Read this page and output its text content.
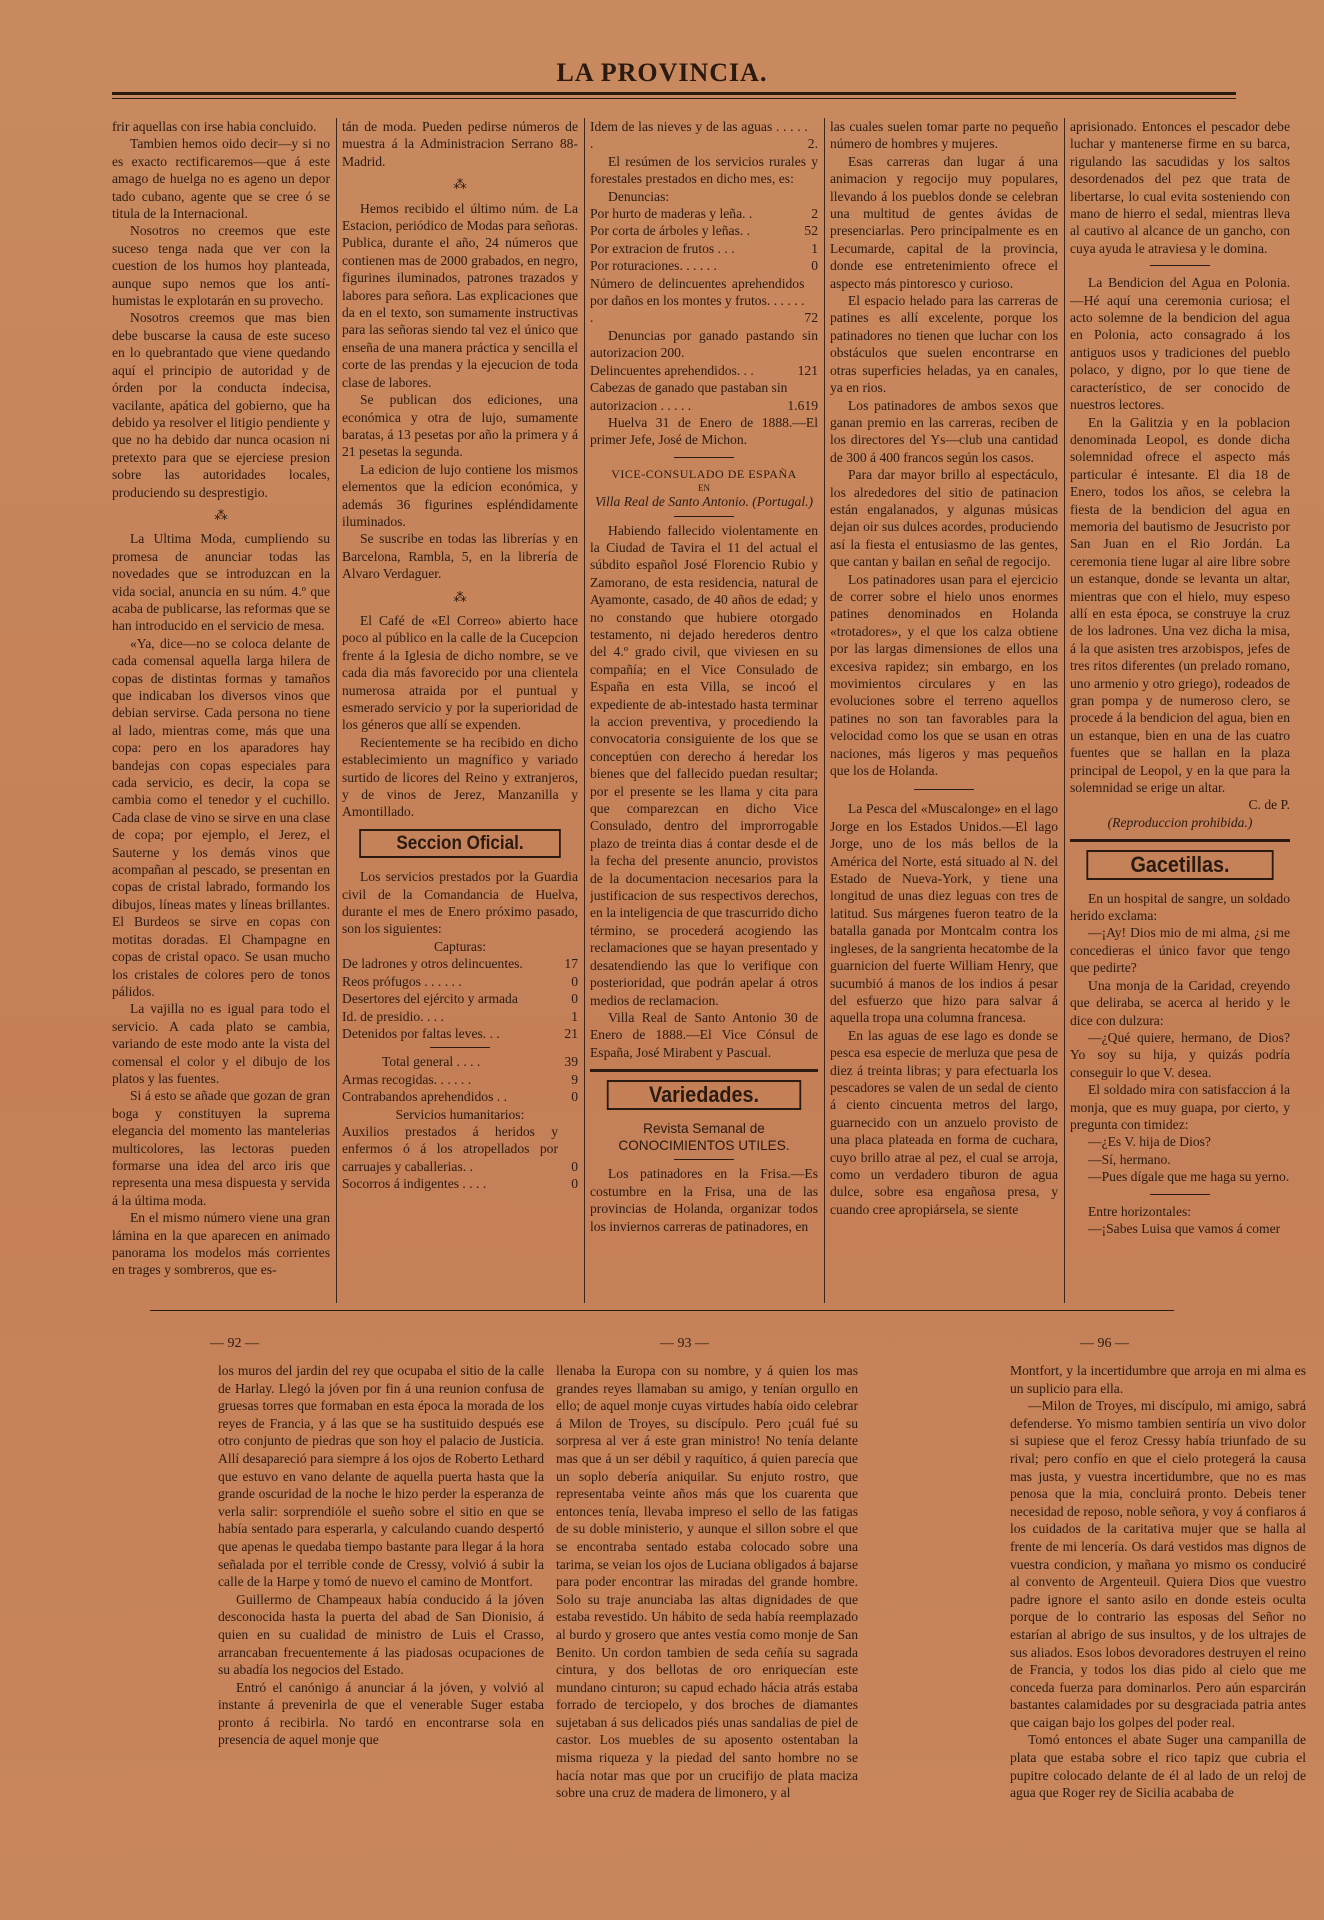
LA PROVINCIA.

frir aquellas con irse habia concluido.

Tambien hemos oido decir—y si no es exacto rectificaremos—que á este amago de huelga no es ageno un depor tado cubano, agente que se cree ó se titula de la Internacional.

Nosotros no creemos que este suceso tenga nada que ver con la cuestion de los humos hoy planteada, aunque supo nemos que los antí-humistas le explotarán en su provecho.

Nosotros creemos que mas bien debe buscarse la causa de este suceso en lo quebrantado que viene quedando aquí el principio de autoridad y de órden por la conducta indecisa, vacilante, apática del gobierno, que ha debido ya resolver el litigio pendiente y que no ha debido dar nunca ocasion ni pretexto para que se ejerciese presion sobre las autoridades locales, produciendo su desprestigio.

⁂

La Ultima Moda, cumpliendo su promesa de anunciar todas las novedades que se introduzcan en la vida social, anuncia en su núm. 4.º que acaba de publicarse, las reformas que se han introducido en el servicio de mesa.

«Ya, dice—no se coloca delante de cada comensal aquella larga hilera de copas de distintas formas y tamaños que indicaban los diversos vinos que debian servirse. Cada persona no tiene al lado, mientras come, más que una copa: pero en los aparadores hay bandejas con copas especiales para cada servicio, es decir, la copa se cambia como el tenedor y el cuchillo. Cada clase de vino se sirve en una clase de copa; por ejemplo, el Jerez, el Sauterne y los demás vinos que acompañan al pescado, se presentan en copas de cristal labrado, formando los dibujos, líneas mates y líneas brillantes. El Burdeos se sirve en copas con motitas doradas. El Champagne en copas de cristal opaco. Se usan mucho los cristales de colores pero de tonos pálidos.

La vajilla no es igual para todo el servicio. A cada plato se cambia, variando de este modo ante la vista del comensal el color y el dibujo de los platos y las fuentes.

Si á esto se añade que gozan de gran boga y constituyen la suprema elegancia del momento las mantelerias multicolores, las lectoras pueden formarse una idea del arco iris que representa una mesa dispuesta y servida á la última moda.

En el mismo número viene una gran lámina en la que aparecen en animado panorama los modelos más corrientes en trages y sombreros, que es-

tán de moda. Pueden pedirse números de muestra á la Administracion Serrano 88-Madrid.

⁂

Hemos recibido el último núm. de La Estacion, periódico de Modas para señoras. Publica, durante el año, 24 números que contienen mas de 2000 grabados, en negro, figurines iluminados, patrones trazados y labores para señora. Las explicaciones que da en el texto, son sumamente instructivas para las señoras siendo tal vez el único que enseña de una manera práctica y sencilla el corte de las prendas y la ejecucion de toda clase de labores.

Se publican dos ediciones, una económica y otra de lujo, sumamente baratas, á 13 pesetas por año la primera y á 21 pesetas la segunda.

La edicion de lujo contiene los mismos elementos que la edicion económica, y además 36 figurines espléndidamente iluminados.

Se suscribe en todas las librerías y en Barcelona, Rambla, 5, en la librería de Alvaro Verdaguer.

⁂

El Café de «El Correo» abierto hace poco al público en la calle de la Cucepcion frente á la Iglesia de dicho nombre, se ve cada dia más favorecido por una clientela numerosa atraida por el puntual y esmerado servicio y por la superioridad de los géneros que allí se expenden.

Recientemente se ha recibido en dicho establecimiento un magnífico y variado surtido de licores del Reino y extranjeros, y de vinos de Jerez, Manzanilla y Amontillado.

Seccion Oficial.

Los servicios prestados por la Guardia civil de la Comandancia de Huelva, durante el mes de Enero próximo pasado, son los siguientes:

Capturas:

De ladrones y otros delincuentes.	17
Reos prófugos . . . . . .	0
Desertores del ejército y armada	0
Id. de presidio. . . .	1
Detenidos por faltas leves. . .	21
Total general . . . .	39
Armas recogidas. . . . . .	9
Contrabandos aprehendidos . .	0

Servicios humanitarios:

Auxilios prestados á heridos y enfermos ó á los atropellados por carruajes y caballerias. .	0
Socorros á indigentes . . . .	0
Idem de las nieves y de las aguas . . . . . .	2.

El resúmen de los servicios rurales y forestales prestados en dicho mes, es:

Denuncias:

Por hurto de maderas y leña. .	2
Por corta de árboles y leñas. .	52
Por extracion de frutos . . .	1
Por roturaciones. . . . . .	0
Número de delincuentes aprehendidos por daños en los montes y frutos. . . . . . .	72

Denuncias por ganado pastando sin autorizacion 200.

Delincuentes aprehendidos. . .	121
Cabezas de ganado que pastaban sin autorizacion . . . . .	1.619

Huelva 31 de Enero de 1888.—El primer Jefe, José de Michon.

VICE-CONSULADO DE ESPAÑA

EN

Villa Real de Santo Antonio. (Portugal.)

Habiendo fallecido violentamente en la Ciudad de Tavira el 11 del actual el súbdito español José Florencio Rubio y Zamorano, de esta residencia, natural de Ayamonte, casado, de 40 años de edad; y no constando que hubiere otorgado testamento, ni dejado herederos dentro del 4.º grado civil, que viviesen en su compañía; en el Vice Consulado de España en esta Villa, se incoó el expediente de ab-intestado hasta terminar la accion preventiva, y procediendo la convocatoria consiguiente de los que se conceptúen con derecho á heredar los bienes que del fallecido puedan resultar; por el presente se les llama y cita para que comparezcan en dicho Vice Consulado, dentro del improrrogable plazo de treinta dias á contar desde el de la fecha del presente anuncio, provistos de la documentacion necesarios para la justificacion de sus respectivos derechos, en la inteligencia de que trascurrido dicho término, se procederá acogiendo las reclamaciones que se hayan presentado y desatendiendo las que lo verifique con posterioridad, que podrán apelar á otros medios de reclamacion.

Villa Real de Santo Antonio 30 de Enero de 1888.—El Vice Cónsul de España, José Mirabent y Pascual.

Variedades.

Revista Semanal de

CONOCIMIENTOS UTILES.

Los patinadores en la Frisa.—Es costumbre en la Frisa, una de las provincias de Holanda, organizar todos los inviernos carreras de patinadores, en

las cuales suelen tomar parte no pequeño número de hombres y mujeres.

Esas carreras dan lugar á una animacion y regocijo muy populares, llevando á los pueblos donde se celebran una multitud de gentes ávidas de presenciarlas. Pero principalmente es en Lecumarde, capital de la provincia, donde ese entretenimiento ofrece el aspecto más pintoresco y curioso.

El espacio helado para las carreras de patines es allí excelente, porque los patinadores no tienen que luchar con los obstáculos que suelen encontrarse en otras superficies heladas, ya en canales, ya en rios.

Los patinadores de ambos sexos que ganan premio en las carreras, reciben de los directores del Ys—club una cantidad de 300 á 400 francos según los casos.

Para dar mayor brillo al espectáculo, los alrededores del sitio de patinacion están engalanados, y algunas músicas dejan oir sus dulces acordes, produciendo así la fiesta el entusiasmo de las gentes, que cantan y bailan en señal de regocijo.

Los patinadores usan para el ejercicio de correr sobre el hielo unos enormes patines denominados en Holanda «trotadores», y el que los calza obtiene por las largas dimensiones de ellos una excesiva rapidez; sin embargo, en los movimientos circulares y en las evoluciones sobre el terreno aquellos patines no son tan favorables para la velocidad como los que se usan en otras naciones, más ligeros y mas pequeños que los de Holanda.

La Pesca del «Muscalonge» en el lago Jorge en los Estados Unidos.—El lago Jorge, uno de los más bellos de la América del Norte, está situado al N. del Estado de Nueva-York, y tiene una longitud de unas diez leguas con tres de latitud. Sus márgenes fueron teatro de la batalla ganada por Montcalm contra los ingleses, de la sangrienta hecatombe de la guarnicion del fuerte William Henry, que sucumbió á manos de los indios á pesar del esfuerzo que hizo para salvar á aquella tropa una columna francesa.

En las aguas de ese lago es donde se pesca esa especie de merluza que pesa de diez á treinta libras; y para efectuarla los pescadores se valen de un sedal de ciento á ciento cincuenta metros del largo, guarnecido con un anzuelo provisto de una placa plateada en forma de cuchara, cuyo brillo atrae al pez, el cual se arroja, como un verdadero tiburon de agua dulce, sobre esa engañosa presa, y cuando cree apropiársela, se siente

aprisionado. Entonces el pescador debe luchar y mantenerse firme en su barca, rigulando las sacudidas y los saltos desordenados del pez que trata de libertarse, lo cual evita sosteniendo con mano de hierro el sedal, mientras lleva al cautivo al alcance de un gancho, con cuya ayuda le atraviesa y le domina.

La Bendicion del Agua en Polonia.—Hé aquí una ceremonia curiosa; el acto solemne de la bendicion del agua en Polonia, acto consagrado á los antiguos usos y tradiciones del pueblo polaco, y digno, por lo que tiene de característico, de ser conocido de nuestros lectores.

En la Galitzia y en la poblacion denominada Leopol, es donde dicha solemnidad ofrece el aspecto más particular é intesante. El dia 18 de Enero, todos los años, se celebra la fiesta de la bendicion del agua en memoria del bautismo de Jesucristo por San Juan en el Rio Jordán. La ceremonia tiene lugar al aire libre sobre un estanque, donde se levanta un altar, mientras que con el hielo, muy espeso allí en esta época, se construye la cruz de los ladrones. Una vez dicha la misa, á la que asisten tres arzobispos, jefes de tres ritos diferentes (un prelado romano, uno armenio y otro griego), rodeados de gran pompa y de numeroso clero, se procede á la bendicion del agua, bien en un estanque, bien en una de las cuatro fuentes que se hallan en la plaza principal de Leopol, y en la que para la solemnidad se erige un altar.

C. de P.

(Reproduccion prohibida.)

Gacetillas.

En un hospital de sangre, un soldado herido exclama:

—¡Ay! Dios mio de mi alma, ¿si me concedieras el único favor que tengo que pedirte?

Una monja de la Caridad, creyendo que deliraba, se acerca al herido y le dice con dulzura:

—¿Qué quiere, hermano, de Dios? Yo soy su hija, y quizás podría conseguir lo que V. desea.

El soldado mira con satisfaccion á la monja, que es muy guapa, por cierto, y pregunta con timidez:

—¿Es V. hija de Dios?

—Sí, hermano.

—Pues dígale que me haga su yerno.

Entre horizontales:

—¡Sabes Luisa que vamos á comer

— 92 —	— 93 —	— 96 —

los muros del jardin del rey que ocupaba el sitio de la calle de Harlay. Llegó la jóven por fin á una reunion confusa de gruesas torres que formaban en esta época la morada de los reyes de Francia, y á las que se ha sustituido después ese otro conjunto de piedras que son hoy el palacio de Justicia. Allí desapareció para siempre á los ojos de Roberto Lethard que estuvo en vano delante de aquella puerta hasta que la grande oscuridad de la noche le hizo perder la esperanza de verla salir: sorprendióle el sueño sobre el sitio en que se había sentado para esperarla, y calculando cuando despertó que apenas le quedaba tiempo bastante para llegar á la hora señalada por el terrible conde de Cressy, volvió á subir la calle de la Harpe y tomó de nuevo el camino de Montfort.

Guillermo de Champeaux había conducido á la jóven desconocida hasta la puerta del abad de San Dionisio, á quien en su cualidad de ministro de Luis el Crasso, arrancaban frecuentemente á las piadosas ocupaciones de su abadía los negocios del Estado.

Entró el canónigo á anunciar á la jóven, y volvió al instante á prevenirla de que el venerable Suger estaba pronto á recibirla. No tardó en encontrarse sola en presencia de aquel monje que

llenaba la Europa con su nombre, y á quien los mas grandes reyes llamaban su amigo, y tenían orgullo en ello; de aquel monje cuyas virtudes había oido celebrar á Milon de Troyes, su discípulo. Pero ¡cuál fué su sorpresa al ver á este gran ministro! No tenía delante mas que á un ser débil y raquítico, á quien parecía que un soplo debería aniquilar. Su enjuto rostro, que representaba veinte años más que los cuarenta que entonces tenía, llevaba impreso el sello de las fatigas de su doble ministerio, y aunque el sillon sobre el que se encontraba sentado estaba colocado sobre una tarima, se veian los ojos de Luciana obligados á bajarse para poder encontrar las miradas del grande hombre. Solo su traje anunciaba las altas dignidades de que estaba revestido. Un hábito de seda había reemplazado al burdo y grosero que antes vestía como monje de San Benito. Un cordon tambien de seda ceñía su sagrada cintura, y dos bellotas de oro enriquecían este mundano cinturon; su capud echado hácia atrás estaba forrado de terciopelo, y dos broches de diamantes sujetaban á sus delicados piés unas sandalias de piel de castor. Los muebles de su aposento ostentaban la misma riqueza y la piedad del santo hombre no se hacía notar mas que por un crucifijo de plata maciza sobre una cruz de madera de limonero, y al

Montfort, y la incertidumbre que arroja en mi alma es un suplicio para ella.

—Milon de Troyes, mi discípulo, mi amigo, sabrá defenderse. Yo mismo tambien sentiría un vivo dolor si supiese que el feroz Cressy había triunfado de su rival; pero confío en que el cielo protegerá la causa mas justa, y vuestra incertidumbre, que no es mas penosa que la mia, concluirá pronto. Debeis tener necesidad de reposo, noble señora, y voy á confiaros á los cuidados de la caritativa mujer que se halla al frente de mi lencería. Os dará vestidos mas dignos de vuestra condicion, y mañana yo mismo os conduciré al convento de Argenteuil. Quiera Dios que vuestro padre ignore el santo asilo en donde esteis oculta porque de lo contrario las esposas del Señor no estarían al abrigo de sus insultos, y de los ultrajes de sus aliados. Esos lobos devoradores destruyen el reino de Francia, y todos los dias pido al cielo que me conceda fuerza para dominarlos. Pero aún esparcirán bastantes calamidades por su desgraciada patria antes que caigan bajo los golpes del poder real.

Tomó entonces el abate Suger una campanilla de plata que estaba sobre el rico tapiz que cubria el pupitre colocado delante de él al lado de un reloj de agua que Roger rey de Sicilia acababa de
